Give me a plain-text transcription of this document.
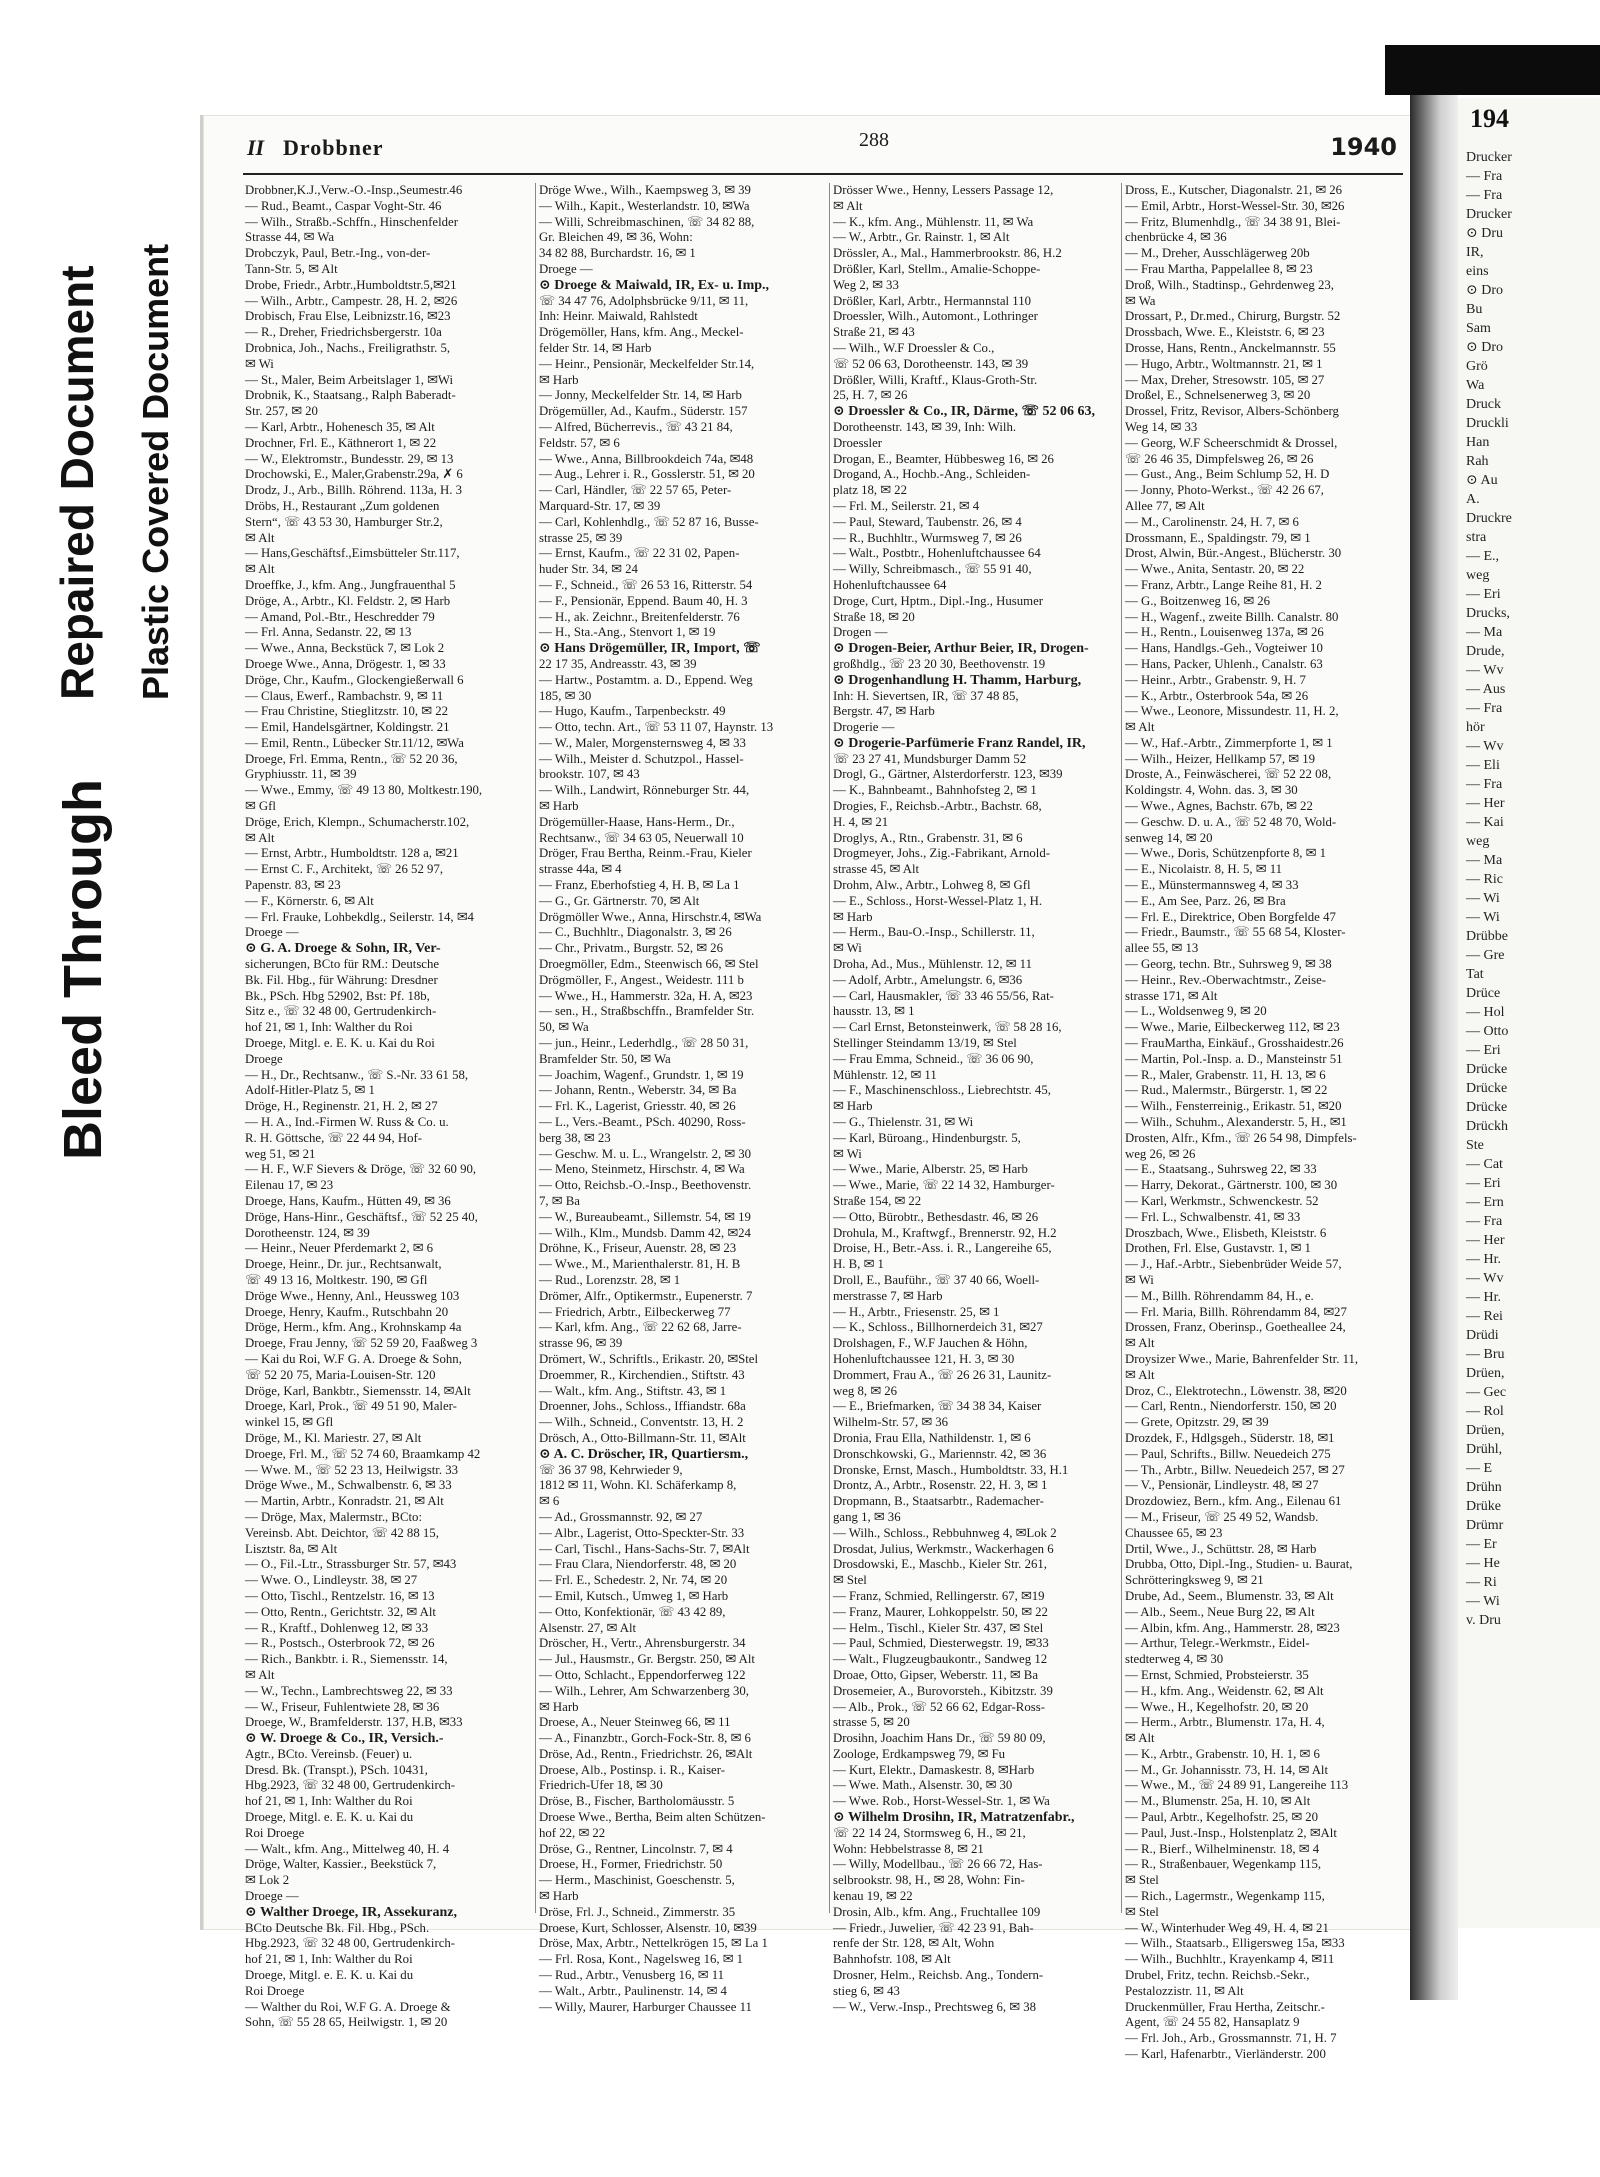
Bleed Through
Repaired Document Plastic Covered Document
II Drobbner	288	1940

Drobbner,K.J.,Verw.-O.-Insp.,Seumestr.46

— Rud., Beamt., Caspar Voght-Str. 46

— Wilh., Straßb.-Schffn., Hinschenfelder

Strasse 44, ✉ Wa

Drobczyk, Paul, Betr.-Ing., von-der-

Tann-Str. 5, ✉ Alt

Drobe, Friedr., Arbtr.,Humboldtstr.5,✉21

— Wilh., Arbtr., Campestr. 28, H. 2, ✉26

Drobisch, Frau Else, Leibnizstr.16, ✉23

— R., Dreher, Friedrichsbergerstr. 10a

Drobnica, Joh., Nachs., Freiligrathstr. 5,

✉ Wi

— St., Maler, Beim Arbeitslager 1, ✉Wi

Drobnik, K., Staatsang., Ralph Baberadt-

Str. 257, ✉ 20

— Karl, Arbtr., Hohenesch 35, ✉ Alt

Drochner, Frl. E., Käthnerort 1, ✉ 22

— W., Elektromstr., Bundesstr. 29, ✉ 13

Drochowski, E., Maler,Grabenstr.29a, ✗ 6

Drodz, J., Arb., Billh. Röhrend. 113a, H. 3

Dröbs, H., Restaurant „Zum goldenen

Stern“, ☏ 43 53 30, Hamburger Str.2,

✉ Alt

— Hans,Geschäftsf.,Eimsbütteler Str.117,

✉ Alt

Droeffke, J., kfm. Ang., Jungfrauenthal 5

Dröge, A., Arbtr., Kl. Feldstr. 2, ✉ Harb

— Amand, Pol.-Btr., Heschredder 79

— Frl. Anna, Sedanstr. 22, ✉ 13

— Wwe., Anna, Beckstück 7, ✉ Lok 2

Droege Wwe., Anna, Drögestr. 1, ✉ 33

Dröge, Chr., Kaufm., Glockengießerwall 6

— Claus, Ewerf., Rambachstr. 9, ✉ 11

— Frau Christine, Stieglitzstr. 10, ✉ 22

— Emil, Handelsgärtner, Koldingstr. 21

— Emil, Rentn., Lübecker Str.11/12, ✉Wa

Droege, Frl. Emma, Rentn., ☏ 52 20 36,

Gryphiusstr. 11, ✉ 39

— Wwe., Emmy, ☏ 49 13 80, Moltkestr.190,

✉ Gfl

Dröge, Erich, Klempn., Schumacherstr.102,

✉ Alt

— Ernst, Arbtr., Humboldtstr. 128 a, ✉21

— Ernst C. F., Architekt, ☏ 26 52 97,

Papenstr. 83, ✉ 23

— F., Körnerstr. 6, ✉ Alt

— Frl. Frauke, Lohbekdlg., Seilerstr. 14, ✉4

Droege —

⊙ G. A. Droege & Sohn, IR, Ver-

sicherungen, BCto für RM.: Deutsche

Bk. Fil. Hbg., für Währung: Dresdner

Bk., PSch. Hbg 52902, Bst: Pf. 18b,

Sitz e., ☏ 32 48 00, Gertrudenkirch-

hof 21, ✉ 1, Inh: Walther du Roi

Droege, Mitgl. e. E. K. u. Kai du Roi

Droege

— H., Dr., Rechtsanw., ☏ S.-Nr. 33 61 58,

Adolf-Hitler-Platz 5, ✉ 1

Dröge, H., Reginenstr. 21, H. 2, ✉ 27

— H. A., Ind.-Firmen W. Russ & Co. u.

R. H. Göttsche, ☏ 22 44 94, Hof-

weg 51, ✉ 21

— H. F., W.F Sievers & Dröge, ☏ 32 60 90,

Eilenau 17, ✉ 23

Droege, Hans, Kaufm., Hütten 49, ✉ 36

Dröge, Hans-Hinr., Geschäftsf., ☏ 52 25 40,

Dorotheenstr. 124, ✉ 39

— Heinr., Neuer Pferdemarkt 2, ✉ 6

Droege, Heinr., Dr. jur., Rechtsanwalt,

☏ 49 13 16, Moltkestr. 190, ✉ Gfl

Dröge Wwe., Henny, Anl., Heussweg 103

Droege, Henry, Kaufm., Rutschbahn 20

Dröge, Herm., kfm. Ang., Krohnskamp 4a

Droege, Frau Jenny, ☏ 52 59 20, Faaßweg 3

— Kai du Roi, W.F G. A. Droege & Sohn,

☏ 52 20 75, Maria-Louisen-Str. 120

Dröge, Karl, Bankbtr., Siemensstr. 14, ✉Alt

Droege, Karl, Prok., ☏ 49 51 90, Maler-

winkel 15, ✉ Gfl

Dröge, M., Kl. Mariestr. 27, ✉ Alt

Droege, Frl. M., ☏ 52 74 60, Braamkamp 42

— Wwe. M., ☏ 52 23 13, Heilwigstr. 33

Dröge Wwe., M., Schwalbenstr. 6, ✉ 33

— Martin, Arbtr., Konradstr. 21, ✉ Alt

— Dröge, Max, Malermstr., BCto:

Vereinsb. Abt. Deichtor, ☏ 42 88 15,

Lisztstr. 8a, ✉ Alt

— O., Fil.-Ltr., Strassburger Str. 57, ✉43

— Wwe. O., Lindleystr. 38, ✉ 27

— Otto, Tischl., Rentzelstr. 16, ✉ 13

— Otto, Rentn., Gerichtstr. 32, ✉ Alt

— R., Kraftf., Dohlenweg 12, ✉ 33

— R., Postsch., Osterbrook 72, ✉ 26

— Rich., Bankbtr. i. R., Siemensstr. 14,

✉ Alt

— W., Techn., Lambrechtsweg 22, ✉ 33

— W., Friseur, Fuhlentwiete 28, ✉ 36

Droege, W., Bramfelderstr. 137, H.B, ✉33

⊙ W. Droege & Co., IR, Versich.-

Agtr., BCto. Vereinsb. (Feuer) u.

Dresd. Bk. (Transpt.), PSch. 10431,

Hbg.2923, ☏ 32 48 00, Gertrudenkirch-

hof 21, ✉ 1, Inh: Walther du Roi

Droege, Mitgl. e. E. K. u. Kai du

Roi Droege

— Walt., kfm. Ang., Mittelweg 40, H. 4

Dröge, Walter, Kassier., Beekstück 7,

✉ Lok 2

Droege —

⊙ Walther Droege, IR, Assekuranz,

BCto Deutsche Bk. Fil. Hbg., PSch.

Hbg.2923, ☏ 32 48 00, Gertrudenkirch-

hof 21, ✉ 1, Inh: Walther du Roi

Droege, Mitgl. e. E. K. u. Kai du

Roi Droege

— Walther du Roi, W.F G. A. Droege &

Sohn, ☏ 55 28 65, Heilwigstr. 1, ✉ 20

Dröge Wwe., Wilh., Kaempsweg 3, ✉ 39

— Wilh., Kapit., Westerlandstr. 10, ✉Wa

— Willi, Schreibmaschinen, ☏ 34 82 88,

Gr. Bleichen 49, ✉ 36, Wohn:

34 82 88, Burchardstr. 16, ✉ 1

Droege —

⊙ Droege & Maiwald, IR, Ex- u. Imp.,

☏ 34 47 76, Adolphsbrücke 9/11, ✉ 11,

Inh: Heinr. Maiwald, Rahlstedt

Drögemöller, Hans, kfm. Ang., Meckel-

felder Str. 14, ✉ Harb

— Heinr., Pensionär, Meckelfelder Str.14,

✉ Harb

— Jonny, Meckelfelder Str. 14, ✉ Harb

Drögemüller, Ad., Kaufm., Süderstr. 157

— Alfred, Bücherrevis., ☏ 43 21 84,

Feldstr. 57, ✉ 6

— Wwe., Anna, Billbrookdeich 74a, ✉48

— Aug., Lehrer i. R., Gosslerstr. 51, ✉ 20

— Carl, Händler, ☏ 22 57 65, Peter-

Marquard-Str. 17, ✉ 39

— Carl, Kohlenhdlg., ☏ 52 87 16, Busse-

strasse 25, ✉ 39

— Ernst, Kaufm., ☏ 22 31 02, Papen-

huder Str. 34, ✉ 24

— F., Schneid., ☏ 26 53 16, Ritterstr. 54

— F., Pensionär, Eppend. Baum 40, H. 3

— H., ak. Zeichnr., Breitenfelderstr. 76

— H., Sta.-Ang., Stenvort 1, ✉ 19

⊙ Hans Drögemüller, IR, Import, ☏

22 17 35, Andreasstr. 43, ✉ 39

— Hartw., Postamtm. a. D., Eppend. Weg

185, ✉ 30

— Hugo, Kaufm., Tarpenbeckstr. 49

— Otto, techn. Art., ☏ 53 11 07, Haynstr. 13

— W., Maler, Morgensternsweg 4, ✉ 33

— Wilh., Meister d. Schutzpol., Hassel-

brookstr. 107, ✉ 43

— Wilh., Landwirt, Rönneburger Str. 44,

✉ Harb

Drögemüller-Haase, Hans-Herm., Dr.,

Rechtsanw., ☏ 34 63 05, Neuerwall 10

Dröger, Frau Bertha, Reinm.-Frau, Kieler

strasse 44a, ✉ 4

— Franz, Eberhofstieg 4, H. B, ✉ La 1

— G., Gr. Gärtnerstr. 70, ✉ Alt

Drögmöller Wwe., Anna, Hirschstr.4, ✉Wa

— C., Buchhltr., Diagonalstr. 3, ✉ 26

— Chr., Privatm., Burgstr. 52, ✉ 26

Droegmöller, Edm., Steenwisch 66, ✉ Stel

Drögmöller, F., Angest., Weidestr. 111 b

— Wwe., H., Hammerstr. 32a, H. A, ✉23

— sen., H., Straßbschffn., Bramfelder Str.

50, ✉ Wa

— jun., Heinr., Lederhdlg., ☏ 28 50 31,

Bramfelder Str. 50, ✉ Wa

— Joachim, Wagenf., Grundstr. 1, ✉ 19

— Johann, Rentn., Weberstr. 34, ✉ Ba

— Frl. K., Lagerist, Griesstr. 40, ✉ 26

— L., Vers.-Beamt., PSch. 40290, Ross-

berg 38, ✉ 23

— Geschw. M. u. L., Wrangelstr. 2, ✉ 30

— Meno, Steinmetz, Hirschstr. 4, ✉ Wa

— Otto, Reichsb.-O.-Insp., Beethovenstr.

7, ✉ Ba

— W., Bureaubeamt., Sillemstr. 54, ✉ 19

— Wilh., Klm., Mundsb. Damm 42, ✉24

Dröhne, K., Friseur, Auenstr. 28, ✉ 23

— Wwe., M., Marienthalerstr. 81, H. B

— Rud., Lorenzstr. 28, ✉ 1

Drömer, Alfr., Optikermstr., Eupenerstr. 7

— Friedrich, Arbtr., Eilbeckerweg 77

— Karl, kfm. Ang., ☏ 22 62 68, Jarre-

strasse 96, ✉ 39

Drömert, W., Schriftls., Erikastr. 20, ✉Stel

Droemmer, R., Kirchendien., Stiftstr. 43

— Walt., kfm. Ang., Stiftstr. 43, ✉ 1

Droenner, Johs., Schloss., Iffiandstr. 68a

— Wilh., Schneid., Conventstr. 13, H. 2

Drösch, A., Otto-Billmann-Str. 11, ✉Alt

⊙ A. C. Dröscher, IR, Quartiersm.,

☏ 36 37 98, Kehrwieder 9,

1812 ✉ 11, Wohn. Kl. Schäferkamp 8,

✉ 6

— Ad., Grossmannstr. 92, ✉ 27

— Albr., Lagerist, Otto-Speckter-Str. 33

— Carl, Tischl., Hans-Sachs-Str. 7, ✉Alt

— Frau Clara, Niendorferstr. 48, ✉ 20

— Frl. E., Schedestr. 2, Nr. 74, ✉ 20

— Emil, Kutsch., Umweg 1, ✉ Harb

— Otto, Konfektionär, ☏ 43 42 89,

Alsenstr. 27, ✉ Alt

Dröscher, H., Vertr., Ahrensburgerstr. 34

— Jul., Hausmstr., Gr. Bergstr. 250, ✉ Alt

— Otto, Schlacht., Eppendorferweg 122

— Wilh., Lehrer, Am Schwarzenberg 30,

✉ Harb

Droese, A., Neuer Steinweg 66, ✉ 11

— A., Finanzbtr., Gorch-Fock-Str. 8, ✉ 6

Dröse, Ad., Rentn., Friedrichstr. 26, ✉Alt

Droese, Alb., Postinsp. i. R., Kaiser-

Friedrich-Ufer 18, ✉ 30

Dröse, B., Fischer, Bartholomäusstr. 5

Droese Wwe., Bertha, Beim alten Schützen-

hof 22, ✉ 22

Dröse, G., Rentner, Lincolnstr. 7, ✉ 4

Droese, H., Former, Friedrichstr. 50

— Herm., Maschinist, Goeschenstr. 5,

✉ Harb

Dröse, Frl. J., Schneid., Zimmerstr. 35

Droese, Kurt, Schlosser, Alsenstr. 10, ✉39

Dröse, Max, Arbtr., Nettelkrögen 15, ✉ La 1

— Frl. Rosa, Kont., Nagelsweg 16, ✉ 1

— Rud., Arbtr., Venusberg 16, ✉ 11

— Walt., Arbtr., Paulinenstr. 14, ✉ 4

— Willy, Maurer, Harburger Chaussee 11

Drösser Wwe., Henny, Lessers Passage 12,

✉ Alt

— K., kfm. Ang., Mühlenstr. 11, ✉ Wa

— W., Arbtr., Gr. Rainstr. 1, ✉ Alt

Drössler, A., Mal., Hammerbrookstr. 86, H.2

Drößler, Karl, Stellm., Amalie-Schoppe-

Weg 2, ✉ 33

Drößler, Karl, Arbtr., Hermannstal 110

Droessler, Wilh., Automont., Lothringer

Straße 21, ✉ 43

— Wilh., W.F Droessler & Co.,

☏ 52 06 63, Dorotheenstr. 143, ✉ 39

Drößler, Willi, Kraftf., Klaus-Groth-Str.

25, H. 7, ✉ 26

⊙ Droessler & Co., IR, Därme, ☏ 52 06 63,

Dorotheenstr. 143, ✉ 39, Inh: Wilh.

Droessler

Drogan, E., Beamter, Hübbesweg 16, ✉ 26

Drogand, A., Hochb.-Ang., Schleiden-

platz 18, ✉ 22

— Frl. M., Seilerstr. 21, ✉ 4

— Paul, Steward, Taubenstr. 26, ✉ 4

— R., Buchhltr., Wurmsweg 7, ✉ 26

— Walt., Postbtr., Hohenluftchaussee 64

— Willy, Schreibmasch., ☏ 55 91 40,

Hohenluftchaussee 64

Droge, Curt, Hptm., Dipl.-Ing., Husumer

Straße 18, ✉ 20

Drogen —

⊙ Drogen-Beier, Arthur Beier, IR, Drogen-

großhdlg., ☏ 23 20 30, Beethovenstr. 19

⊙ Drogenhandlung H. Thamm, Harburg,

Inh: H. Sievertsen, IR, ☏ 37 48 85,

Bergstr. 47, ✉ Harb

Drogerie —

⊙ Drogerie-Parfümerie Franz Randel, IR,

☏ 23 27 41, Mundsburger Damm 52

Drogl, G., Gärtner, Alsterdorferstr. 123, ✉39

— K., Bahnbeamt., Bahnhofsteg 2, ✉ 1

Drogies, F., Reichsb.-Arbtr., Bachstr. 68,

H. 4, ✉ 21

Droglys, A., Rtn., Grabenstr. 31, ✉ 6

Drogmeyer, Johs., Zig.-Fabrikant, Arnold-

strasse 45, ✉ Alt

Drohm, Alw., Arbtr., Lohweg 8, ✉ Gfl

— E., Schloss., Horst-Wessel-Platz 1, H.

✉ Harb

— Herm., Bau-O.-Insp., Schillerstr. 11,

✉ Wi

Droha, Ad., Mus., Mühlenstr. 12, ✉ 11

— Adolf, Arbtr., Amelungstr. 6, ✉36

— Carl, Hausmakler, ☏ 33 46 55/56, Rat-

hausstr. 13, ✉ 1

— Carl Ernst, Betonsteinwerk, ☏ 58 28 16,

Stellinger Steindamm 13/19, ✉ Stel

— Frau Emma, Schneid., ☏ 36 06 90,

Mühlenstr. 12, ✉ 11

— F., Maschinenschloss., Liebrechtstr. 45,

✉ Harb

— G., Thielenstr. 31, ✉ Wi

— Karl, Büroang., Hindenburgstr. 5,

✉ Wi

— Wwe., Marie, Alberstr. 25, ✉ Harb

— Wwe., Marie, ☏ 22 14 32, Hamburger-

Straße 154, ✉ 22

— Otto, Bürobtr., Bethesdastr. 46, ✉ 26

Drohula, M., Kraftwgf., Brennerstr. 92, H.2

Droise, H., Betr.-Ass. i. R., Langereihe 65,

H. B, ✉ 1

Droll, E., Bauführ., ☏ 37 40 66, Woell-

merstrasse 7, ✉ Harb

— H., Arbtr., Friesenstr. 25, ✉ 1

— K., Schloss., Billhornerdeich 31, ✉27

Drolshagen, F., W.F Jauchen & Höhn,

Hohenluftchaussee 121, H. 3, ✉ 30

Drommert, Frau A., ☏ 26 26 31, Launitz-

weg 8, ✉ 26

— E., Briefmarken, ☏ 34 38 34, Kaiser

Wilhelm-Str. 57, ✉ 36

Dronia, Frau Ella, Nathildenstr. 1, ✉ 6

Dronschkowski, G., Mariennstr. 42, ✉ 36

Dronske, Ernst, Masch., Humboldtstr. 33, H.1

Drontz, A., Arbtr., Rosenstr. 22, H. 3, ✉ 1

Dropmann, B., Staatsarbtr., Rademacher-

gang 1, ✉ 36

— Wilh., Schloss., Rebbuhnweg 4, ✉Lok 2

Drosdat, Julius, Werkmstr., Wackerhagen 6

Drosdowski, E., Maschb., Kieler Str. 261,

✉ Stel

— Franz, Schmied, Rellingerstr. 67, ✉19

— Franz, Maurer, Lohkoppelstr. 50, ✉ 22

— Helm., Tischl., Kieler Str. 437, ✉ Stel

— Paul, Schmied, Diesterwegstr. 19, ✉33

— Walt., Flugzeugbaukontr., Sandweg 12

Droae, Otto, Gipser, Weberstr. 11, ✉ Ba

Drosemeier, A., Burovorsteh., Kibitzstr. 39

— Alb., Prok., ☏ 52 66 62, Edgar-Ross-

strasse 5, ✉ 20

Drosihn, Joachim Hans Dr., ☏ 59 80 09,

Zoologe, Erdkampsweg 79, ✉ Fu

— Kurt, Elektr., Damaskestr. 8, ✉Harb

— Wwe. Math., Alsenstr. 30, ✉ 30

— Wwe. Rob., Horst-Wessel-Str. 1, ✉ Wa

⊙ Wilhelm Drosihn, IR, Matratzenfabr.,

☏ 22 14 24, Stormsweg 6, H., ✉ 21,

Wohn: Hebbelstrasse 8, ✉ 21

— Willy, Modellbau., ☏ 26 66 72, Has-

selbrookstr. 98, H., ✉ 28, Wohn: Fin-

kenau 19, ✉ 22

Drosin, Alb., kfm. Ang., Fruchtallee 109

— Friedr., Juwelier, ☏ 42 23 91, Bah-

renfe der Str. 128, ✉ Alt, Wohn

Bahnhofstr. 108, ✉ Alt

Drosner, Helm., Reichsb. Ang., Tondern-

stieg 6, ✉ 43

— W., Verw.-Insp., Prechtsweg 6, ✉ 38

Dross, E., Kutscher, Diagonalstr. 21, ✉ 26

— Emil, Arbtr., Horst-Wessel-Str. 30, ✉26

— Fritz, Blumenhdlg., ☏ 34 38 91, Blei-

chenbrücke 4, ✉ 36

— M., Dreher, Ausschlägerweg 20b

— Frau Martha, Pappelallee 8, ✉ 23

Droß, Wilh., Stadtinsp., Gehrdenweg 23,

✉ Wa

Drossart, P., Dr.med., Chirurg, Burgstr. 52

Drossbach, Wwe. E., Kleiststr. 6, ✉ 23

Drosse, Hans, Rentn., Anckelmannstr. 55

— Hugo, Arbtr., Woltmannstr. 21, ✉ 1

— Max, Dreher, Stresowstr. 105, ✉ 27

Droßel, E., Schnelsenerweg 3, ✉ 20

Drossel, Fritz, Revisor, Albers-Schönberg

Weg 14, ✉ 33

— Georg, W.F Scheerschmidt & Drossel,

☏ 26 46 35, Dimpfelsweg 26, ✉ 26

— Gust., Ang., Beim Schlump 52, H. D

— Jonny, Photo-Werkst., ☏ 42 26 67,

Allee 77, ✉ Alt

— M., Carolinenstr. 24, H. 7, ✉ 6

Drossmann, E., Spaldingstr. 79, ✉ 1

Drost, Alwin, Bür.-Angest., Blücherstr. 30

— Wwe., Anita, Sentastr. 20, ✉ 22

— Franz, Arbtr., Lange Reihe 81, H. 2

— G., Boitzenweg 16, ✉ 26

— H., Wagenf., zweite Billh. Canalstr. 80

— H., Rentn., Louisenweg 137a, ✉ 26

— Hans, Handlgs.-Geh., Vogteiwer 10

— Hans, Packer, Uhlenh., Canalstr. 63

— Heinr., Arbtr., Grabenstr. 9, H. 7

— K., Arbtr., Osterbrook 54a, ✉ 26

— Wwe., Leonore, Missundestr. 11, H. 2,

✉ Alt

— W., Haf.-Arbtr., Zimmerpforte 1, ✉ 1

— Wilh., Heizer, Hellkamp 57, ✉ 19

Droste, A., Feinwäscherei, ☏ 52 22 08,

Koldingstr. 4, Wohn. das. 3, ✉ 30

— Wwe., Agnes, Bachstr. 67b, ✉ 22

— Geschw. D. u. A., ☏ 52 48 70, Wold-

senweg 14, ✉ 20

— Wwe., Doris, Schützenpforte 8, ✉ 1

— E., Nicolaistr. 8, H. 5, ✉ 11

— E., Münstermannsweg 4, ✉ 33

— E., Am See, Parz. 26, ✉ Bra

— Frl. E., Direktrice, Oben Borgfelde 47

— Friedr., Baumstr., ☏ 55 68 54, Kloster-

allee 55, ✉ 13

— Georg, techn. Btr., Suhrsweg 9, ✉ 38

— Heinr., Rev.-Oberwachtmstr., Zeise-

strasse 171, ✉ Alt

— L., Woldsenweg 9, ✉ 20

— Wwe., Marie, Eilbeckerweg 112, ✉ 23

— FrauMartha, Einkäuf., Grosshaidestr.26

— Martin, Pol.-Insp. a. D., Mansteinstr 51

— R., Maler, Grabenstr. 11, H. 13, ✉ 6

— Rud., Malermstr., Bürgerstr. 1, ✉ 22

— Wilh., Fensterreinig., Erikastr. 51, ✉20

— Wilh., Schuhm., Alexanderstr. 5, H., ✉1

Drosten, Alfr., Kfm., ☏ 26 54 98, Dimpfels-

weg 26, ✉ 26

— E., Staatsang., Suhrsweg 22, ✉ 33

— Harry, Dekorat., Gärtnerstr. 100, ✉ 30

— Karl, Werkmstr., Schwenckestr. 52

— Frl. L., Schwalbenstr. 41, ✉ 33

Droszbach, Wwe., Elisbeth, Kleiststr. 6

Drothen, Frl. Else, Gustavstr. 1, ✉ 1

— J., Haf.-Arbtr., Siebenbrüder Weide 57,

✉ Wi

— M., Billh. Röhrendamm 84, H., e.

— Frl. Maria, Billh. Röhrendamm 84, ✉27

Drossen, Franz, Oberinsp., Goetheallee 24,

✉ Alt

Droysizer Wwe., Marie, Bahrenfelder Str. 11,

✉ Alt

Droz, C., Elektrotechn., Löwenstr. 38, ✉20

— Carl, Rentn., Niendorferstr. 150, ✉ 20

— Grete, Opitzstr. 29, ✉ 39

Drozdek, F., Hdlgsgeh., Süderstr. 18, ✉1

— Paul, Schrifts., Billw. Neuedeich 275

— Th., Arbtr., Billw. Neuedeich 257, ✉ 27

— V., Pensionär, Lindleystr. 48, ✉ 27

Drozdowiez, Bern., kfm. Ang., Eilenau 61

— M., Friseur, ☏ 25 49 52, Wandsb.

Chaussee 65, ✉ 23

Drtil, Wwe., J., Schüttstr. 28, ✉ Harb

Drubba, Otto, Dipl.-Ing., Studien- u. Baurat,

Schrötteringksweg 9, ✉ 21

Drube, Ad., Seem., Blumenstr. 33, ✉ Alt

— Alb., Seem., Neue Burg 22, ✉ Alt

— Albin, kfm. Ang., Hammerstr. 28, ✉23

— Arthur, Telegr.-Werkmstr., Eidel-

stedterweg 4, ✉ 30

— Ernst, Schmied, Probsteierstr. 35

— H., kfm. Ang., Weidenstr. 62, ✉ Alt

— Wwe., H., Kegelhofstr. 20, ✉ 20

— Herm., Arbtr., Blumenstr. 17a, H. 4,

✉ Alt

— K., Arbtr., Grabenstr. 10, H. 1, ✉ 6

— M., Gr. Johannisstr. 73, H. 14, ✉ Alt

— Wwe., M., ☏ 24 89 91, Langereihe 113

— M., Blumenstr. 25a, H. 10, ✉ Alt

— Paul, Arbtr., Kegelhofstr. 25, ✉ 20

— Paul, Just.-Insp., Holstenplatz 2, ✉Alt

— R., Bierf., Wilhelminenstr. 18, ✉ 4

— R., Straßenbauer, Wegenkamp 115,

✉ Stel

— Rich., Lagermstr., Wegenkamp 115,

✉ Stel

— W., Winterhuder Weg 49, H. 4, ✉ 21

— Wilh., Staatsarb., Elligersweg 15a, ✉33

— Wilh., Buchhltr., Krayenkamp 4, ✉11

Drubel, Fritz, techn. Reichsb.-Sekr.,

Pestalozzistr. 11, ✉ Alt

Druckenmüller, Frau Hertha, Zeitschr.-

Agent, ☏ 24 55 82, Hansaplatz 9

— Frl. Joh., Arb., Grossmannstr. 71, H. 7

— Karl, Hafenarbtr., Vierländerstr. 200

194
Drucker
— Fra
— Fra
Drucker
⊙ Dru
IR,
eins
⊙ Dro
Bu
Sam
⊙ Dro
Grö
Wa
Druck
Druckli
Han
Rah
⊙ Au
A.
Druckre
stra
— E.,
weg
— Eri
Drucks,
— Ma
Drude,
— Wv
— Aus
— Fra
hör
— Wv
— Eli
— Fra
— Her
— Kai
weg
— Ma
— Ric
— Wi
— Wi
Drübbe
— Gre
Tat
Drüce
— Hol
— Otto
— Eri
Drücke
Drücke
Drücke
Drückh
Ste
— Cat
— Eri
— Ern
— Fra
— Her
— Hr.
— Wv
— Hr.
— Rei
Drüdi
— Bru
Drüen,
— Gec
— Rol
Drüen,
Drühl,
— E
Drühn
Drüke
Drümr
— Er
— He
— Ri
— Wi
v. Dru
